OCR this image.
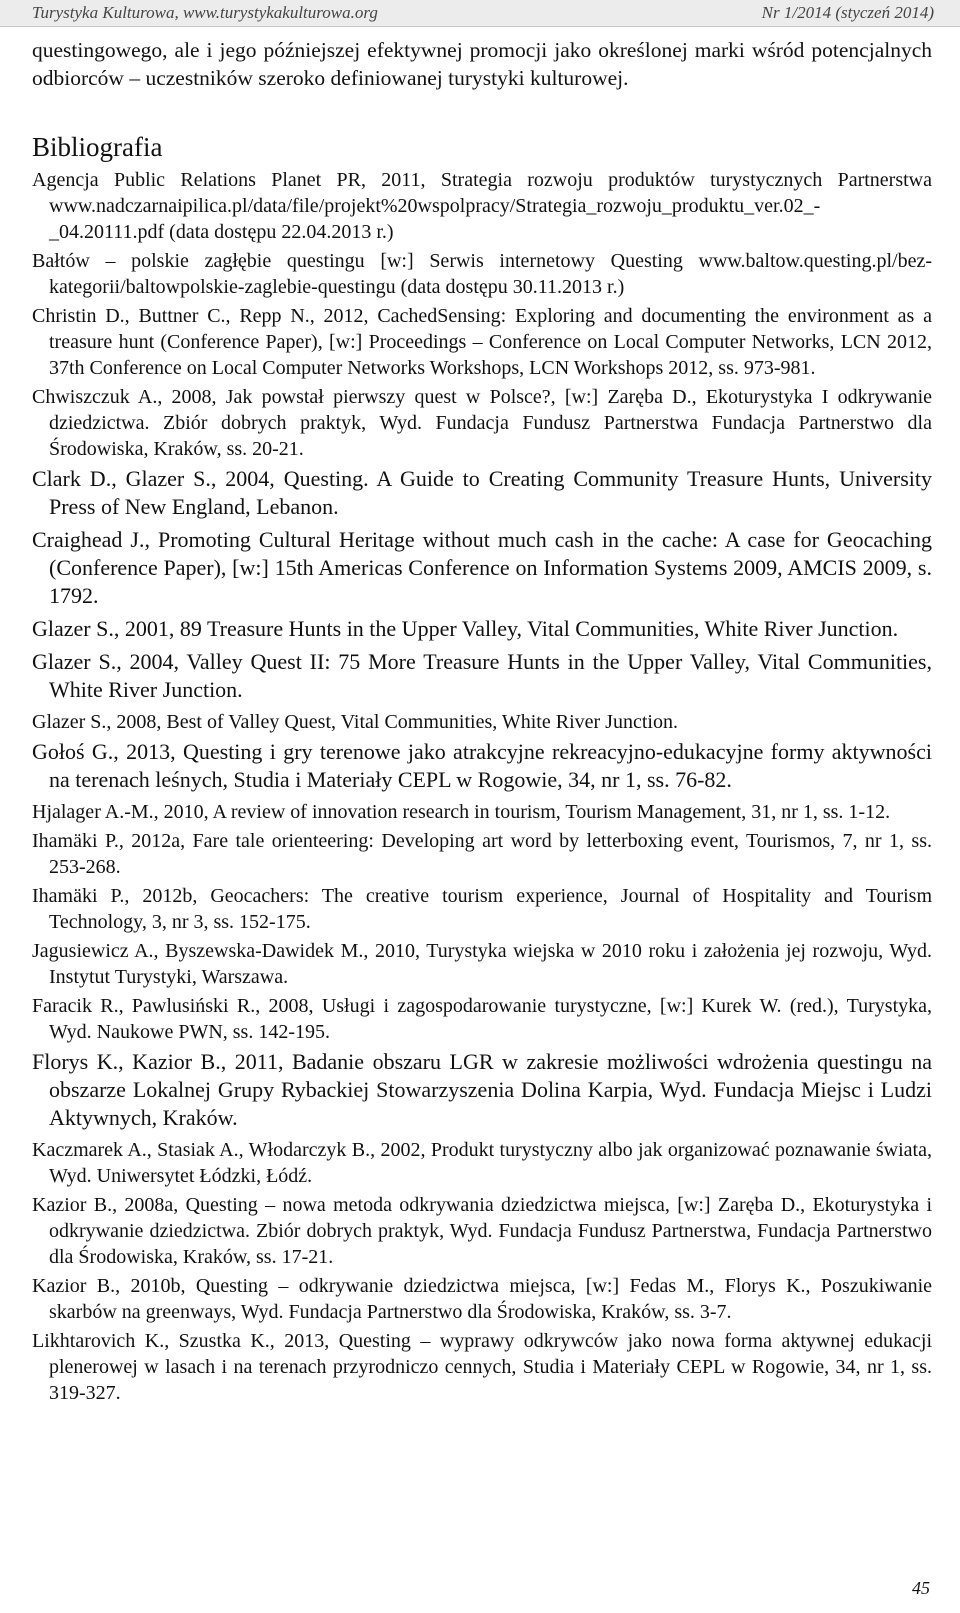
Turystyka Kulturowa, www.turystykakulturowa.org	Nr 1/2014 (styczeń 2014)

questingowego, ale i jego późniejszej efektywnej promocji jako określonej marki wśród potencjalnych odbiorców – uczestników szeroko definiowanej turystyki kulturowej.

Bibliografia

Agencja Public Relations Planet PR, 2011, Strategia rozwoju produktów turystycznych Partnerstwa www.nadczarnaipilica.pl/data/file/projekt%20wspolpracy/Strategia_rozwoju_produktu_ver.02_-_04.20111.pdf (data dostępu 22.04.2013 r.)

Bałtów – polskie zagłębie questingu [w:] Serwis internetowy Questing www.baltow.questing.pl/bez-kategorii/baltowpolskie-zaglebie-questingu (data dostępu 30.11.2013 r.)

Christin D., Buttner C., Repp N., 2012, CachedSensing: Exploring and documenting the environment as a treasure hunt (Conference Paper), [w:] Proceedings – Conference on Local Computer Networks, LCN 2012, 37th Conference on Local Computer Networks Workshops, LCN Workshops 2012, ss. 973-981.

Chwiszczuk A., 2008, Jak powstał pierwszy quest w Polsce?, [w:] Zaręba D., Ekoturystyka I odkrywanie dziedzictwa. Zbiór dobrych praktyk, Wyd. Fundacja Fundusz Partnerstwa Fundacja Partnerstwo dla Środowiska, Kraków, ss. 20-21.

Clark D., Glazer S., 2004, Questing. A Guide to Creating Community Treasure Hunts, University Press of New England, Lebanon.

Craighead J., Promoting Cultural Heritage without much cash in the cache: A case for Geocaching (Conference Paper), [w:] 15th Americas Conference on Information Systems 2009, AMCIS 2009, s. 1792.

Glazer S., 2001, 89 Treasure Hunts in the Upper Valley, Vital Communities, White River Junction.

Glazer S., 2004, Valley Quest II: 75 More Treasure Hunts in the Upper Valley, Vital Communities, White River Junction.

Glazer S., 2008, Best of Valley Quest, Vital Communities, White River Junction.

Gołoś G., 2013, Questing i gry terenowe jako atrakcyjne rekreacyjno-edukacyjne formy aktywności na terenach leśnych, Studia i Materiały CEPL w Rogowie, 34, nr 1, ss. 76-82.

Hjalager A.-M., 2010, A review of innovation research in tourism, Tourism Management, 31, nr 1, ss. 1-12.

Ihamäki P., 2012a, Fare tale orienteering: Developing art word by letterboxing event, Tourismos, 7, nr 1, ss. 253-268.

Ihamäki P., 2012b, Geocachers: The creative tourism experience, Journal of Hospitality and Tourism Technology, 3, nr 3, ss. 152-175.

Jagusiewicz A., Byszewska-Dawidek M., 2010, Turystyka wiejska w 2010 roku i założenia jej rozwoju, Wyd. Instytut Turystyki, Warszawa.

Faracik R., Pawlusiński R., 2008, Usługi i zagospodarowanie turystyczne, [w:] Kurek W. (red.), Turystyka, Wyd. Naukowe PWN, ss. 142-195.

Florys K., Kazior B., 2011, Badanie obszaru LGR w zakresie możliwości wdrożenia questingu na obszarze Lokalnej Grupy Rybackiej Stowarzyszenia Dolina Karpia, Wyd. Fundacja Miejsc i Ludzi Aktywnych, Kraków.

Kaczmarek A., Stasiak A., Włodarczyk B., 2002, Produkt turystyczny albo jak organizować poznawanie świata, Wyd. Uniwersytet Łódzki, Łódź.

Kazior B., 2008a, Questing – nowa metoda odkrywania dziedzictwa miejsca, [w:] Zaręba D., Ekoturystyka i odkrywanie dziedzictwa. Zbiór dobrych praktyk, Wyd. Fundacja Fundusz Partnerstwa, Fundacja Partnerstwo dla Środowiska, Kraków, ss. 17-21.

Kazior B., 2010b, Questing – odkrywanie dziedzictwa miejsca, [w:] Fedas M., Florys K., Poszukiwanie skarbów na greenways, Wyd. Fundacja Partnerstwo dla Środowiska, Kraków, ss. 3-7.

Likhtarovich K., Szustka K., 2013, Questing – wyprawy odkrywców jako nowa forma aktywnej edukacji plenerowej w lasach i na terenach przyrodniczo cennych, Studia i Materiały CEPL w Rogowie, 34, nr 1, ss. 319-327.

45
